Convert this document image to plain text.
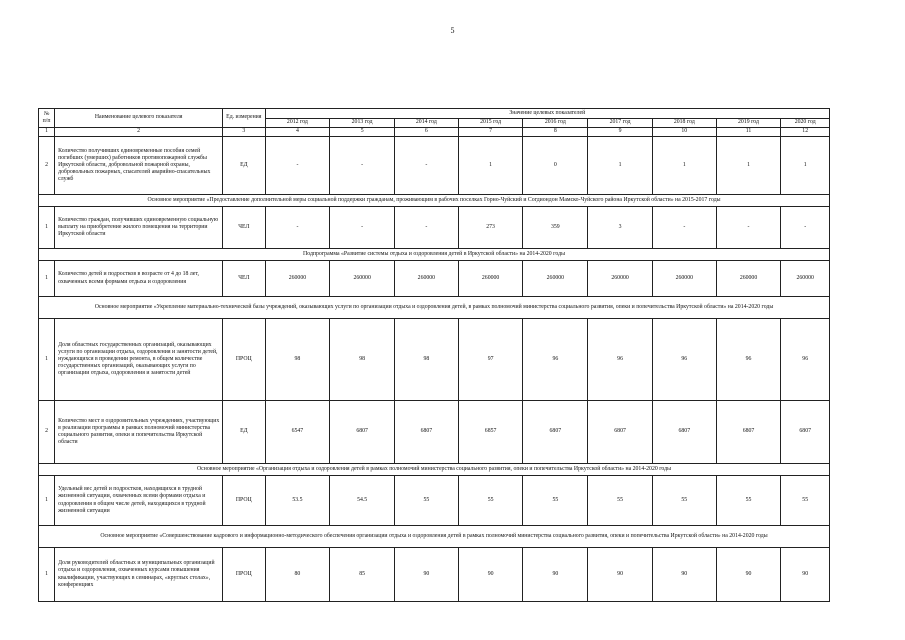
5
№ п/п	Наименование целевого показателя	Ед. измерения	Значение целевых показателей								
			2012 год	2013 год	2014 год	2015 год	2016 год	2017 год	2018 год	2019 год	2020 год
1	2	3	4	5	6	7	8	9	10	11	12
2	Количество получивших единовременные пособия семей погибших (умерших) работников противопожарной службы Иркутской области, добровольной пожарной охраны, добровольных пожарных, спасателей аварийно-спасательных служб	ЕД	-	-	-	1	0	1	1	1	1
Основное мероприятие «Предоставление дополнительной меры социальной поддержки гражданам, проживающим в рабочих поселках Горно-Чуйский и Согдиондон Мамско-Чуйского района Иркутской области» на 2015-2017 годы											
1	Количество граждан, получивших единовременную социальную выплату на приобретение жилого помещения на территории Иркутской области	ЧЕЛ	-	-	-	273	359	3	-	-	-
Подпрограмма «Развитие системы отдыха и оздоровления детей в Иркутской области» на 2014-2020 годы											
1	Количество детей и подростков в возрасте от 4 до 18 лет, охваченных всеми формами отдыха и оздоровления	ЧЕЛ	260000	260000	260000	260000	260000	260000	260000	260000	260000
Основное мероприятие «Укрепление материально-технической базы учреждений, оказывающих услуги по организации отдыха и оздоровления детей, в рамках полномочий министерства социального развития, опеки и попечительства Иркутской области» на 2014-2020 годы											
1	Доля областных государственных организаций, оказывающих услуги по организации отдыха, оздоровления и занятости детей, нуждающихся в проведении ремонта, в общем количестве государственных организаций, оказывающих услуги по организации отдыха, оздоровления и занятости детей	ПРОЦ	98	98	98	97	96	96	96	96	96
2	Количество мест в оздоровительных учреждениях, участвующих в реализации программы в рамках полномочий министерства социального развития, опеки и попечительства Иркутской области	ЕД	6547	6807	6807	6857	6807	6807	6807	6807	6807
Основное мероприятие «Организация отдыха и оздоровления детей в рамках полномочий министерства социального развития, опеки и попечительства Иркутской области» на 2014-2020 годы											
1	Удельный вес детей и подростков, находящихся в трудной жизненной ситуации, охваченных всеми формами отдыха и оздоровления в общем числе детей, находящихся в трудной жизненной ситуации	ПРОЦ	53.5	54.5	55	55	55	55	55	55	55
Основное мероприятие «Совершенствование кадрового и информационно-методического обеспечения организации отдыха и оздоровления детей в рамках полномочий министерства социального развития, опеки и попечительства Иркутской области» на 2014-2020 годы											
1	Доля руководителей областных и муниципальных организаций отдыха и оздоровления, охваченных курсами повышения квалификации, участвующих в семинарах, «круглых столах», конференциях	ПРОЦ	80	85	90	90	90	90	90	90	90
